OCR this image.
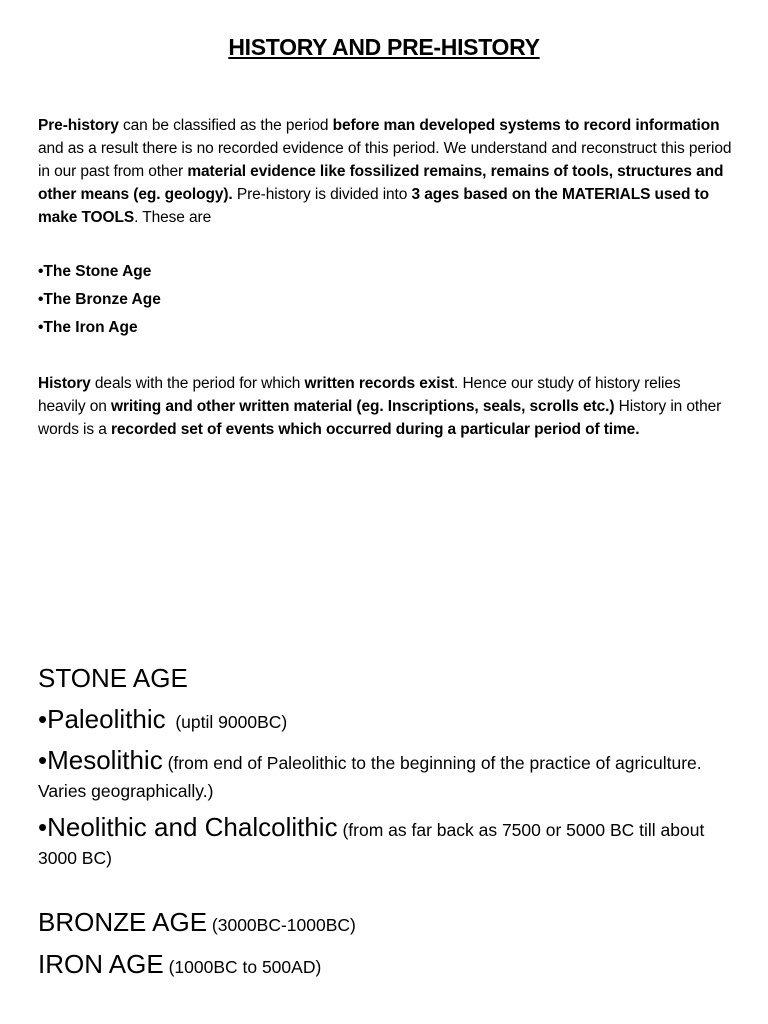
HISTORY AND PRE-HISTORY
Pre-history can be classified as the period before man developed systems to record information and as a result there is no recorded evidence of this period. We understand and reconstruct this period in our past from other material evidence like fossilized remains, remains of tools, structures and other means (eg. geology). Pre-history is divided into 3 ages based on the MATERIALS used to make TOOLS. These are
•The Stone Age
•The Bronze Age
•The Iron Age
History deals with the period for which written records exist. Hence our study of history relies heavily on writing and other written material (eg. Inscriptions, seals, scrolls etc.) History in other words is a recorded set of events which occurred during a particular period of time.
STONE AGE
•Paleolithic  (uptil 9000BC)
•Mesolithic (from end of Paleolithic to the beginning of the practice of agriculture. Varies geographically.)
•Neolithic and Chalcolithic (from as far back as 7500 or 5000 BC till about 3000 BC)
BRONZE AGE (3000BC-1000BC)
IRON AGE (1000BC to 500AD)
